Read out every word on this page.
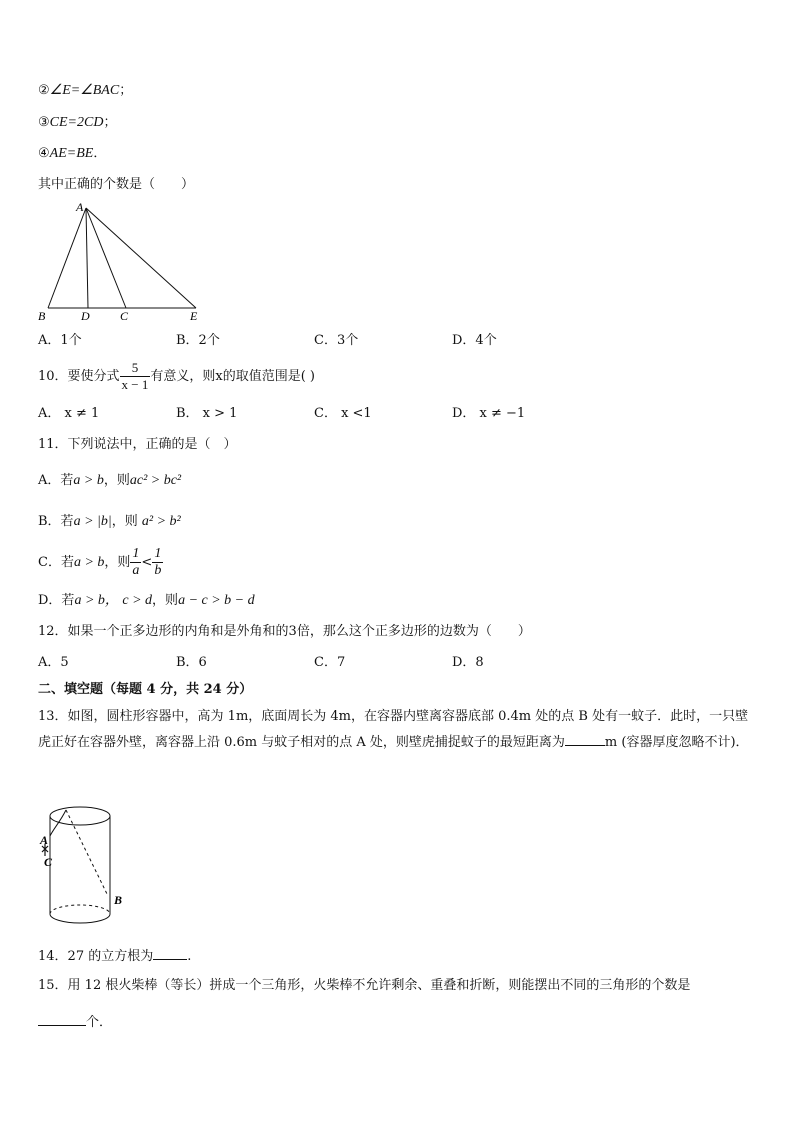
②∠E=∠BAC；
③CE=2CD；
④AE=BE．
其中正确的个数是（　　）
A
B	D	C	E
A．1个	B．2个	C．3个	D．4个
10．要使分式 $\frac{5}{x - 1}$ 有意义，则x的取值范围是( )
A． x ≠ 1	B． x > 1	C． x <1	D． x ≠ −1
11．下列说法中，正确的是（　）
A．若a > b，则ac² > bc²
B．若a > |b|，则 a² > b²
C．若a > b，则 $\frac{1}{a} < \frac{1}{b}$
D．若a > b， c > d，则a − c > b − d
12．如果一个正多边形的内角和是外角和的3倍，那么这个正多边形的边数为（　　）
A．5	B．6	C．7	D．8
二、填空题（每题 4 分，共 24 分）
13．如图，圆柱形容器中，高为 1m，底面周长为 4m，在容器内壁离容器底部 0.4m 处的点 B 处有一蚊子．此时，一只壁虎正好在容器外壁，离容器上沿 0.6m 与蚊子相对的点 A 处，则壁虎捕捉蚊子的最短距离为	m (容器厚度忽略不计)．
A
C
B
14．27 的立方根为	.
15．用 12 根火柴棒（等长）拼成一个三角形，火柴棒不允许剩余、重叠和折断，则能摆出不同的三角形的个数是
个．
